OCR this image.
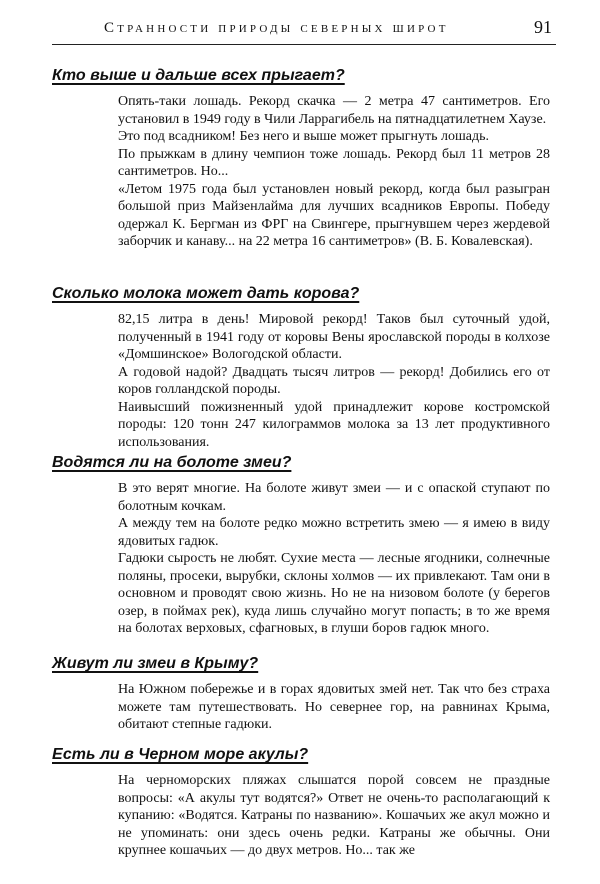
Странности природы северных широт	91
Кто выше и дальше всех прыгает?

Опять-таки лошадь. Рекорд скачка — 2 метра 47 сантиметров. Его установил в 1949 году в Чили Ларрагибель на пятнадцатилетнем Хаузе.

Это под всадником! Без него и выше может прыгнуть лошадь.

По прыжкам в длину чемпион тоже лошадь. Рекорд был 11 метров 28 сантиметров. Но...

«Летом 1975 года был установлен новый рекорд, когда был разыгран большой приз Майзенлайма для лучших всадников Европы. Победу одержал К. Бергман из ФРГ на Свингере, прыгнувшем через жердевой заборчик и канаву... на 22 метра 16 сантиметров» (В. Б. Ковалевская).

Сколько молока может дать корова?

82,15 литра в день! Мировой рекорд! Таков был суточный удой, полученный в 1941 году от коровы Вены ярославской породы в колхозе «Домшинское» Вологодской области.

А годовой надой? Двадцать тысяч литров — рекорд! Добились его от коров голландской породы.

Наивысший пожизненный удой принадлежит корове костромской породы: 120 тонн 247 килограммов молока за 13 лет продуктивного использования.

Водятся ли на болоте змеи?

В это верят многие. На болоте живут змеи — и с опаской ступают по болотным кочкам.

А между тем на болоте редко можно встретить змею — я имею в виду ядовитых гадюк.

Гадюки сырость не любят. Сухие места — лесные ягодники, солнечные поляны, просеки, вырубки, склоны холмов — их привлекают. Там они в основном и проводят свою жизнь. Но не на низовом болоте (у берегов озер, в поймах рек), куда лишь случайно могут попасть; в то же время на болотах верховых, сфагновых, в глуши боров гадюк много.

Живут ли змеи в Крыму?

На Южном побережье и в горах ядовитых змей нет. Так что без страха можете там путешествовать. Но севернее гор, на равнинах Крыма, обитают степные гадюки.

Есть ли в Черном море акулы?

На черноморских пляжах слышатся порой совсем не праздные вопросы: «А акулы тут водятся?» Ответ не очень-то располагающий к купанию: «Водятся. Катраны по названию». Кошачьих же акул можно и не упоминать: они здесь очень редки. Катраны же обычны. Они крупнее кошачьих — до двух метров. Но... так же
